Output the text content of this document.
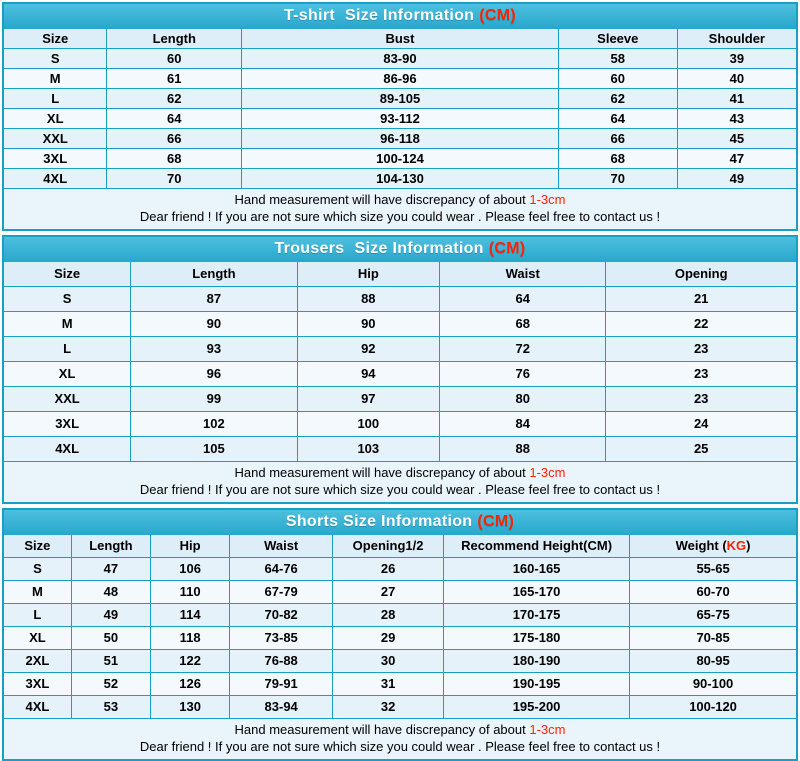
T-shirt Size Information (CM)
Size	Length	Bust	Sleeve	Shoulder
S	60	83-90	58	39
M	61	86-96	60	40
L	62	89-105	62	41
XL	64	93-112	64	43
XXL	66	96-118	66	45
3XL	68	100-124	68	47
4XL	70	104-130	70	49
Hand measurement will have discrepancy of about 1-3cm
Dear friend ! If you are not sure which size you could wear . Please feel free to contact us !
Trousers Size Information (CM)
Size	Length	Hip	Waist	Opening
S	87	88	64	21
M	90	90	68	22
L	93	92	72	23
XL	96	94	76	23
XXL	99	97	80	23
3XL	102	100	84	24
4XL	105	103	88	25
Hand measurement will have discrepancy of about 1-3cm
Dear friend ! If you are not sure which size you could wear . Please feel free to contact us !
Shorts Size Information (CM)
Size	Length	Hip	Waist	Opening1/2	Recommend Height(CM)	Weight (KG)
S	47	106	64-76	26	160-165	55-65
M	48	110	67-79	27	165-170	60-70
L	49	114	70-82	28	170-175	65-75
XL	50	118	73-85	29	175-180	70-85
2XL	51	122	76-88	30	180-190	80-95
3XL	52	126	79-91	31	190-195	90-100
4XL	53	130	83-94	32	195-200	100-120
Hand measurement will have discrepancy of about 1-3cm
Dear friend ! If you are not sure which size you could wear . Please feel free to contact us !
